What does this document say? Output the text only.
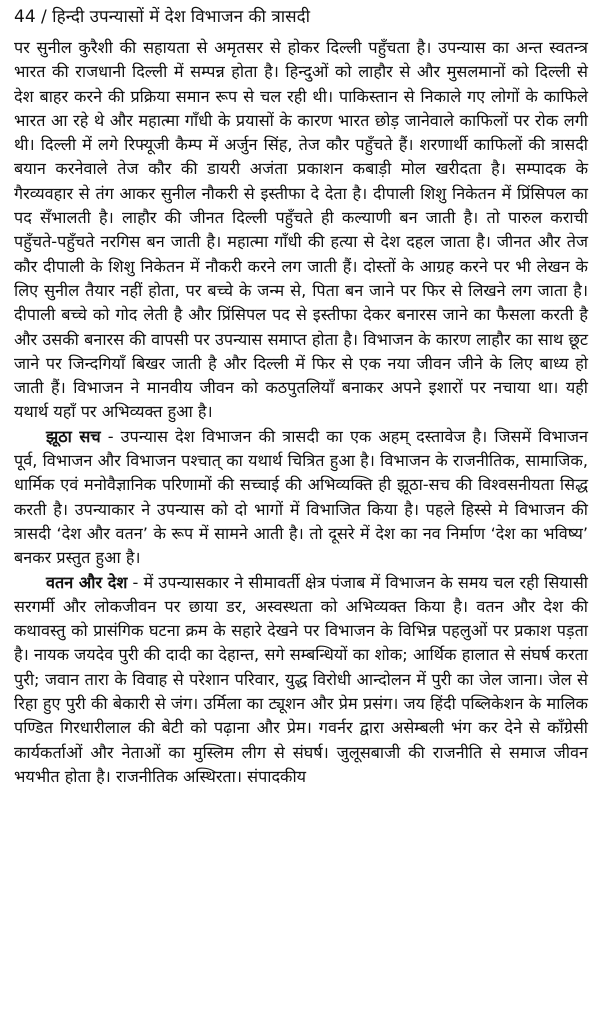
44 / हिन्दी उपन्यासों में देश विभाजन की त्रासदी

पर सुनील कुरैशी की सहायता से अमृतसर से होकर दिल्ली पहुँचता है। उपन्यास का अन्त स्वतन्त्र भारत की राजधानी दिल्ली में सम्पन्न होता है। हिन्दुओं को लाहौर से और मुसलमानों को दिल्ली से देश बाहर करने की प्रक्रिया समान रूप से चल रही थी। पाकिस्तान से निकाले गए लोगों के काफिले भारत आ रहे थे और महात्मा गाँधी के प्रयासों के कारण भारत छोड़ जानेवाले काफिलों पर रोक लगी थी। दिल्ली में लगे रिफ्यूजी कैम्प में अर्जुन सिंह, तेज कौर पहुँचते हैं। शरणार्थी काफिलों की त्रासदी बयान करनेवाले तेज कौर की डायरी अजंता प्रकाशन कबाड़ी मोल खरीदता है। सम्पादक के गैरव्यवहार से तंग आकर सुनील नौकरी से इस्तीफा दे देता है। दीपाली शिशु निकेतन में प्रिंसिपल का पद सँभालती है। लाहौर की जीनत दिल्ली पहुँचते ही कल्याणी बन जाती है। तो पारुल कराची पहुँचते-पहुँचते नरगिस बन जाती है। महात्मा गाँधी की हत्या से देश दहल जाता है। जीनत और तेज कौर दीपाली के शिशु निकेतन में नौकरी करने लग जाती हैं। दोस्तों के आग्रह करने पर भी लेखन के लिए सुनील तैयार नहीं होता, पर बच्चे के जन्म से, पिता बन जाने पर फिर से लिखने लग जाता है। दीपाली बच्चे को गोद लेती है और प्रिंसिपल पद से इस्तीफा देकर बनारस जाने का फैसला करती है और उसकी बनारस की वापसी पर उपन्यास समाप्त होता है। विभाजन के कारण लाहौर का साथ छूट जाने पर जिन्दगियाँ बिखर जाती है और दिल्ली में फिर से एक नया जीवन जीने के लिए बाध्य हो जाती हैं। विभाजन ने मानवीय जीवन को कठपुतलियाँ बनाकर अपने इशारों पर नचाया था। यही यथार्थ यहाँ पर अभिव्यक्त हुआ है।

झूठा सच - उपन्यास देश विभाजन की त्रासदी का एक अहम् दस्तावेज है। जिसमें विभाजन पूर्व, विभाजन और विभाजन पश्चात् का यथार्थ चित्रित हुआ है। विभाजन के राजनीतिक, सामाजिक, धार्मिक एवं मनोवैज्ञानिक परिणामों की सच्चाई की अभिव्यक्ति ही झूठा-सच की विश्वसनीयता सिद्ध करती है। उपन्याकार ने उपन्यास को दो भागों में विभाजित किया है। पहले हिस्से मे विभाजन की त्रासदी ‘देश और वतन’ के रूप में सामने आती है। तो दूसरे में देश का नव निर्माण ‘देश का भविष्य’ बनकर प्रस्तुत हुआ है।

वतन और देश - में उपन्यासकार ने सीमावर्ती क्षेत्र पंजाब में विभाजन के समय चल रही सियासी सरगर्मी और लोकजीवन पर छाया डर, अस्वस्थता को अभिव्यक्त किया है। वतन और देश की कथावस्तु को प्रासंगिक घटना क्रम के सहारे देखने पर विभाजन के विभिन्न पहलुओं पर प्रकाश पड़ता है। नायक जयदेव पुरी की दादी का देहान्त, सगे सम्बन्धियों का शोक; आर्थिक हालात से संघर्ष करता पुरी; जवान तारा के विवाह से परेशान परिवार, युद्ध विरोधी आन्दोलन में पुरी का जेल जाना। जेल से रिहा हुए पुरी की बेकारी से जंग। उर्मिला का ट्यूशन और प्रेम प्रसंग। जय हिंदी पब्लिकेशन के मालिक पण्डित गिरधारीलाल की बेटी को पढ़ाना और प्रेम। गवर्नर द्वारा असेम्बली भंग कर देने से काँग्रेसी कार्यकर्ताओं और नेताओं का मुस्लिम लीग से संघर्ष। जुलूसबाजी की राजनीति से समाज जीवन भयभीत होता है। राजनीतिक अस्थिरता। संपादकीय
